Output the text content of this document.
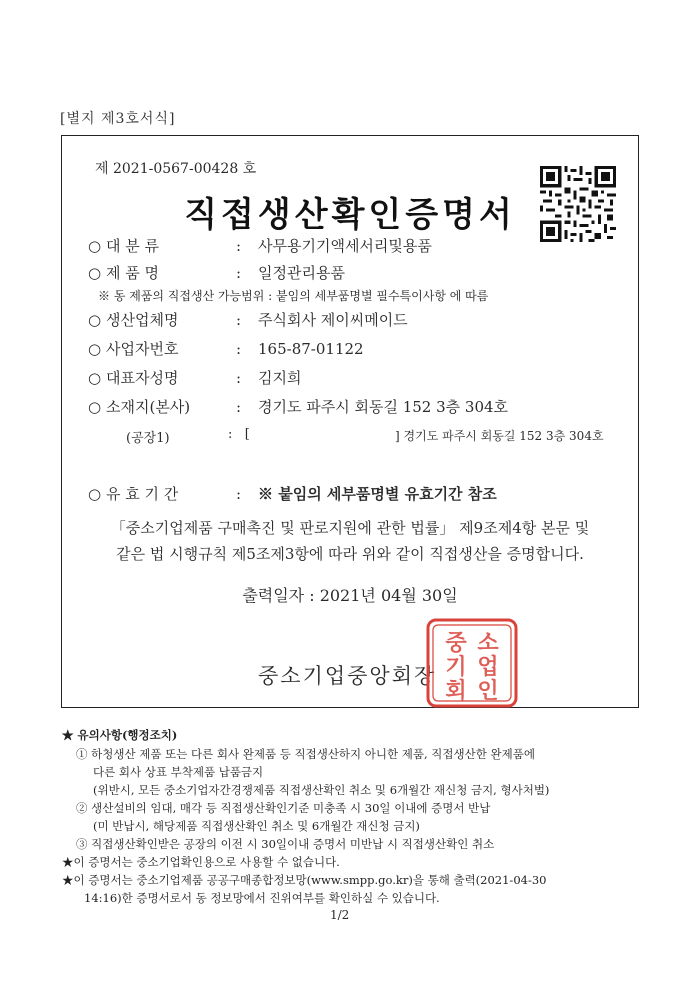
[별지 제3호서식]
제 2021-0567-00428 호
직접생산확인증명서
○ 대 분 류	: 사무용기기액세서리및용품
○ 제 품 명	: 일정관리용품
※ 동 제품의 직접생산 가능범위 : 붙임의 세부품명별 필수특이사항 에 따름
○ 생산업체명	: 주식회사 제이씨메이드
○ 사업자번호	: 165-87-01122
○ 대표자성명	: 김지희
○ 소재지(본사)	: 경기도 파주시 회동길 152 3층 304호
(공장1)	: [	] 경기도 파주시 회동길 152 3층 304호
○ 유 효 기 간	: ※ 붙임의 세부품명별 유효기간 참조
「중소기업제품 구매촉진 및 판로지원에 관한 법률」 제9조제4항 본문 및
같은 법 시행규칙 제5조제3항에 따라 위와 같이 직접생산을 증명합니다.
출력일자 : 2021년 04월 30일
중소기업중앙회장
중 소
기 업
회 인
★ 유의사항(행정조치)
① 하청생산 제품 또는 다른 회사 완제품 등 직접생산하지 아니한 제품, 직접생산한 완제품에
다른 회사 상표 부착제품 납품금지
(위반시, 모든 중소기업자간경쟁제품 직접생산확인 취소 및 6개월간 재신청 금지, 형사처벌)
② 생산설비의 임대, 매각 등 직접생산확인기준 미충족 시 30일 이내에 증명서 반납
(미 반납시, 해당제품 직접생산확인 취소 및 6개월간 재신청 금지)
③ 직접생산확인받은 공장의 이전 시 30일이내 증명서 미반납 시 직접생산확인 취소
★이 증명서는 중소기업확인용으로 사용할 수 없습니다.
★이 증명서는 중소기업제품 공공구매종합정보망(www.smpp.go.kr)을 통해 출력(2021-04-30
14:16)한 증명서로서 동 정보망에서 진위여부를 확인하실 수 있습니다.
1/2
